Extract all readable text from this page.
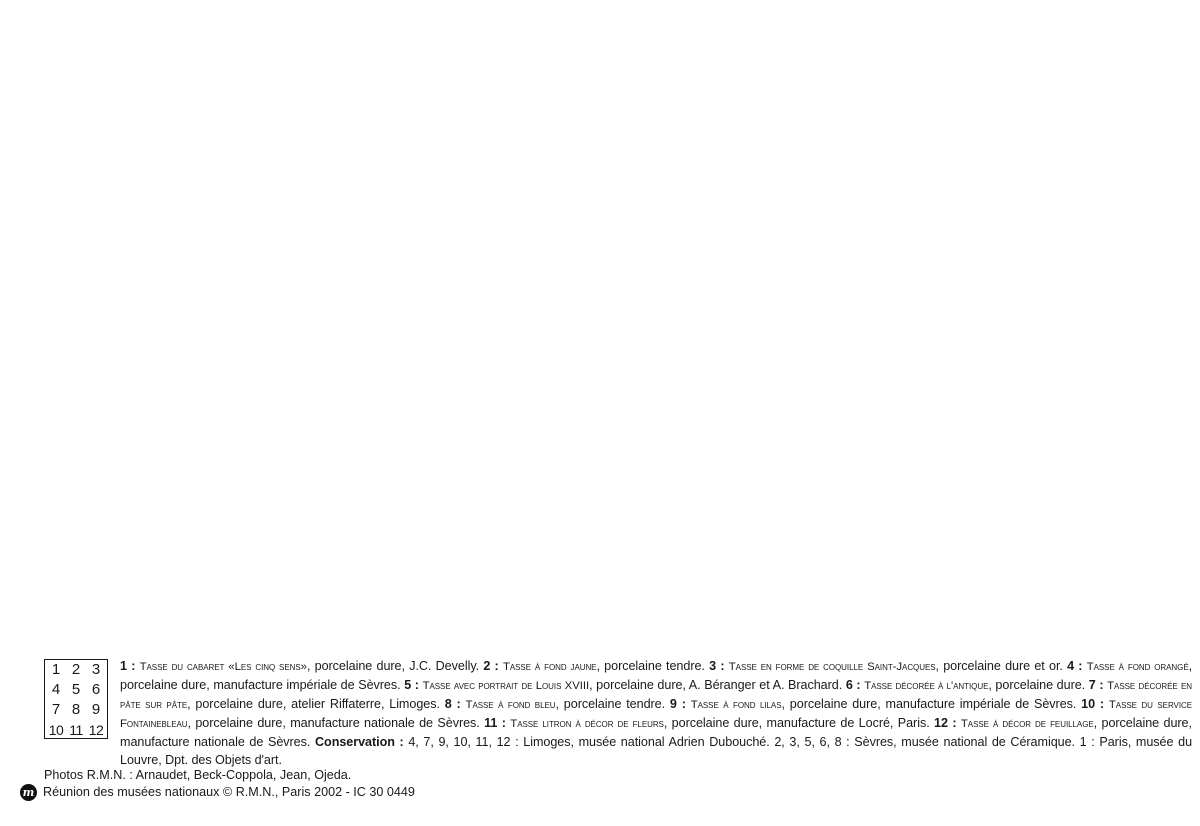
1 2 3
4 5 6
7 8 9
10 11 12
1 : Tasse du cabaret «Les cinq sens», porcelaine dure, J.C. Develly. 2 : Tasse à fond jaune, porcelaine tendre. 3 : Tasse en forme de coquille Saint-Jacques, porcelaine dure et or. 4 : Tasse à fond orangé, porcelaine dure, manufacture impériale de Sèvres. 5 : Tasse avec portrait de Louis XVIII, porcelaine dure, A. Béranger et A. Brachard. 6 : Tasse décorée à l'antique, porcelaine dure. 7 : Tasse décorée en pâte sur pâte, porcelaine dure, atelier Riffaterre, Limoges. 8 : Tasse à fond bleu, porcelaine tendre. 9 : Tasse à fond lilas, porcelaine dure, manufacture impériale de Sèvres. 10 : Tasse du service Fontainebleau, porcelaine dure, manufacture nationale de Sèvres. 11 : Tasse litron à décor de fleurs, porcelaine dure, manufacture de Locré, Paris. 12 : Tasse à décor de feuillage, porcelaine dure, manufacture nationale de Sèvres. Conservation : 4, 7, 9, 10, 11, 12 : Limoges, musée national Adrien Dubouché. 2, 3, 5, 6, 8 : Sèvres, musée national de Céramique. 1 : Paris, musée du Louvre, Dpt. des Objets d'art.
Photos R.M.N. : Arnaudet, Beck-Coppola, Jean, Ojeda.
m Réunion des musées nationaux © R.M.N., Paris 2002 - IC 30 0449
